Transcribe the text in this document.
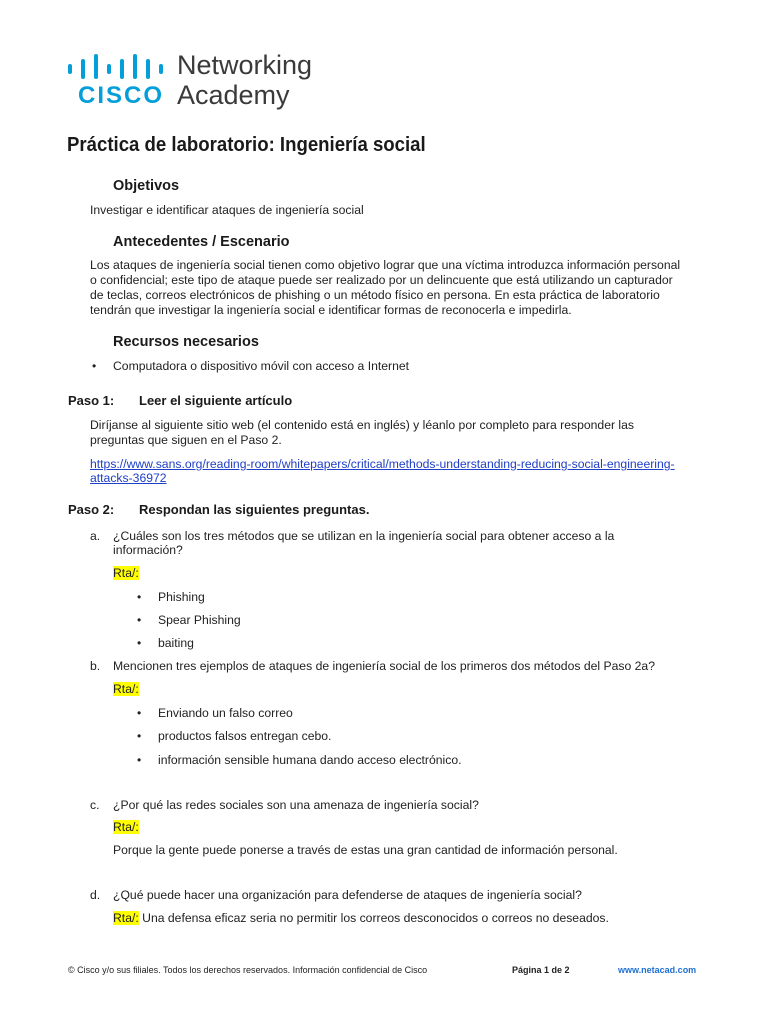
CISCO
Networking
Academy
Práctica de laboratorio: Ingeniería social
Objetivos
Investigar e identificar ataques de ingeniería social
Antecedentes / Escenario
Los ataques de ingeniería social tienen como objetivo lograr que una víctima introduzca información personal
o confidencial; este tipo de ataque puede ser realizado por un delincuente que está utilizando un capturador
de teclas, correos electrónicos de phishing o un método físico en persona. En esta práctica de laboratorio
tendrán que investigar la ingeniería social e identificar formas de reconocerla e impedirla.
Recursos necesarios
• Computadora o dispositivo móvil con acceso a Internet
Paso 1: Leer el siguiente artículo
Diríjanse al siguiente sitio web (el contenido está en inglés) y léanlo por completo para responder las
preguntas que siguen en el Paso 2.
https://www.sans.org/reading-room/whitepapers/critical/methods-understanding-reducing-social-engineering-
attacks-36972
Paso 2: Respondan las siguientes preguntas.
a. ¿Cuáles son los tres métodos que se utilizan en la ingeniería social para obtener acceso a la
información?
Rta/:
• Phishing
• Spear Phishing
• baiting
b. Mencionen tres ejemplos de ataques de ingeniería social de los primeros dos métodos del Paso 2a?
Rta/:
• Enviando un falso correo
• productos falsos entregan cebo.
• información sensible humana dando acceso electrónico.
c. ¿Por qué las redes sociales son una amenaza de ingeniería social?
Rta/:
Porque la gente puede ponerse a través de estas una gran cantidad de información personal.
d. ¿Qué puede hacer una organización para defenderse de ataques de ingeniería social?
Rta/: Una defensa eficaz seria no permitir los correos desconocidos o correos no deseados.
© Cisco y/o sus filiales. Todos los derechos reservados. Información confidencial de Cisco	Página 1 de 2	www.netacad.com
